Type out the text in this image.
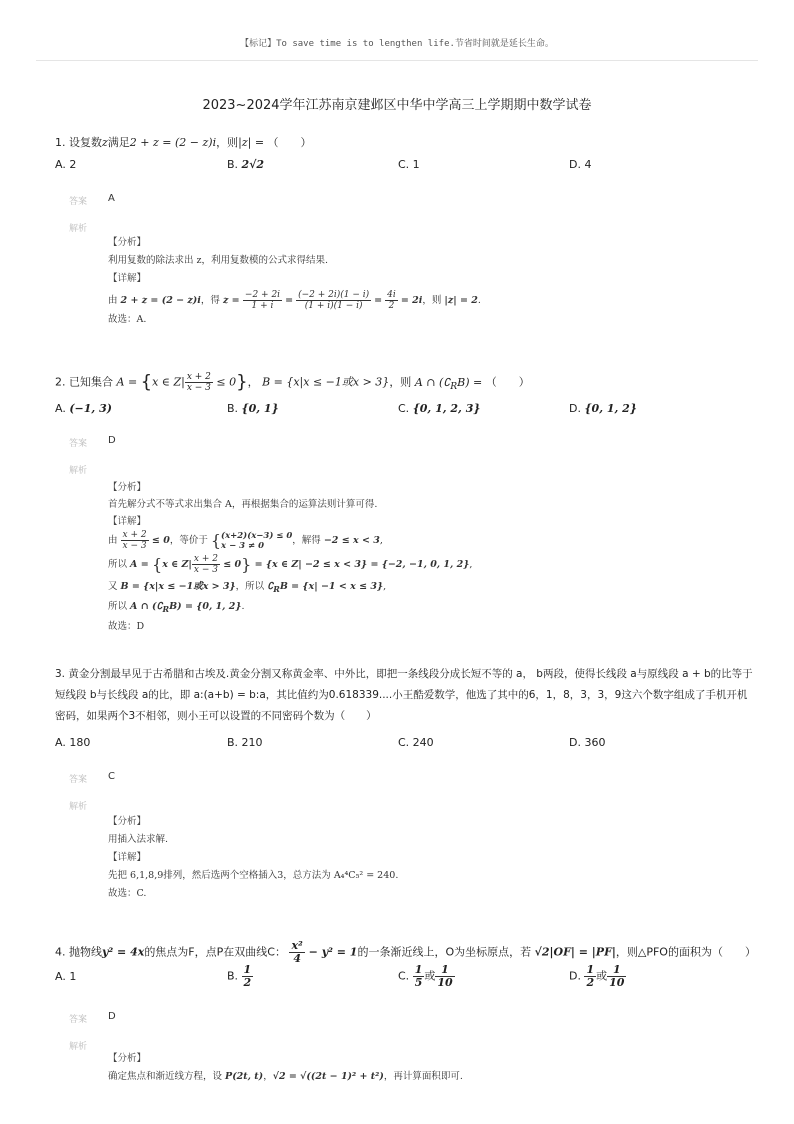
【标记】To save time is to lengthen life.节省时间就是延长生命。
2023~2024学年江苏南京建邺区中华中学高三上学期期中数学试卷
1. 设复数z满足2 + z = (2 − z)i，则|z| = （　　）
A. 2	B. 2√2	C. 1	D. 4
答案 A
解析
【分析】
利用复数的除法求出 z，利用复数模的公式求得结果.
【详解】
由 2 + z = (2 − z)i，得 $z = \frac{-2 + 2i}{1 + i} = \frac{(-2 + 2i)(1 - i)}{(1 + i)(1 - i)} = \frac{4i}{2} = 2i$，则 |z| = 2.
故选：A.
2. 已知集合 A = {x ∈ $Z| \frac{x + 2}{x - 3} \le 0$}， B = {x|x ≤ −1或x > 3}，则 A ∩ $(∁_RB)$ = （　　）
A. (−1, 3)	B. {0, 1}	C. {0, 1, 2, 3}	D. {0, 1, 2}
答案 D
解析
【分析】
首先解分式不等式求出集合 A，再根据集合的运算法则计算可得.
【详解】
由 $\frac{x + 2}{x - 3} \le 0$，等价于 {(x+2)(x−3) ≤ 0
x − 3 ≠ 0	，解得 −2 ≤ x < 3,
所以 A = {x ∈ $Z| \frac{x + 2}{x - 3} \le 0\} = \{x$ ∈ Z| −2 ≤ x < 3} = {−2, −1, 0, 1, 2},
又 B = {x|x ≤ −1或x > 3}，所以 $∁_RB = \{x| -1 < x \le 3\}$,
所以 A ∩ $(∁_RB) = \{0$, 1, 2}.
故选：D
3. 黄金分割最早见于古希腊和古埃及.黄金分割又称黄金率、中外比，即把一条线段分成长短不等的 a， b两段，使得长线段 a与原线段 a + b的比等于
短线段 b与长线段 a的比，即 a:(a+b) = b:a，其比值约为0.618339....小王酷爱数学，他选了其中的6，1，8，3，3，9这六个数字组成了手机开机
密码，如果两个3不相邻，则小王可以设置的不同密码个数为（　　）
A. 180	B. 210	C. 240	D. 360
答案 C
解析
【分析】
用插入法求解.
【详解】
先把 6,1,8,9排列，然后选两个空格插入3，总方法为 A₄⁴C₅² = 240.
故选：C.
4. 抛物线y² = 4x的焦点为F，点P在双曲线C： $\frac{\text{x²}}{4} - y^2 = 1$的一条渐近线上，O为坐标原点，若 √2|OF| = |PF|，则△PFO的面积为（　　）
A. 1	B. $\frac{1}{2}$	C. $\frac{1}{5}$ 或 $\frac{1}{10}$	D. $\frac{1}{2}$ 或 $\frac{1}{10}$
答案 D
解析
【分析】
确定焦点和渐近线方程，设 P(2t, t)，√2 = √((2t − 1)² + t²)，再计算面积即可.
